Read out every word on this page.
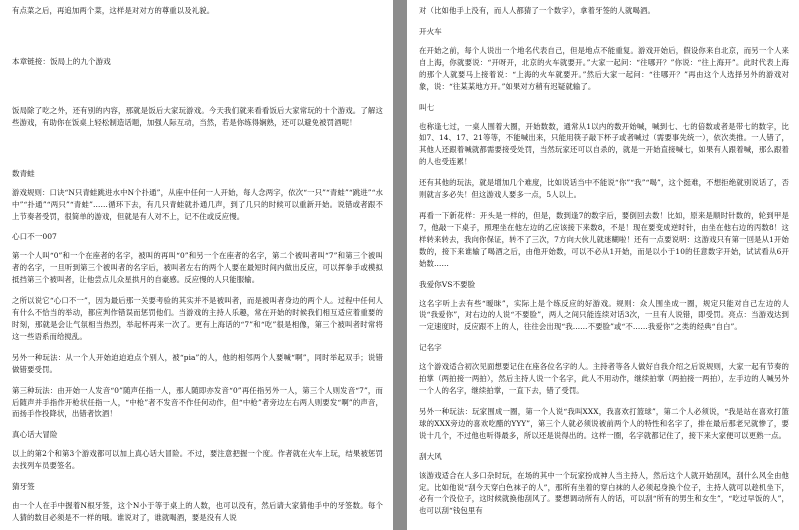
有点菜之后，再追加两个菜，这样是对对方的尊重以及礼貌。

本章链接：饭局上的九个游戏

饭局除了吃之外，还有别的内容，那就是饭后大家玩游戏。今天我们就来看看饭后大家常玩的十个游戏。了解这些游戏，有助你在饭桌上轻松制造话题，加强人际互动，当然，若是你练得娴熟，还可以避免被罚酒呢！

数青蛙

游戏规则：口诀“N只青蛙跳进水中N个扑通”，从座中任何一人开始，每人念两字，依次“一只”“青蛙”“跳进”“水中”“扑通”“两只”“青蛙”……循环下去，有几只青蛙就扑通几声，到了几只的时候可以重新开始。说错或者跟不上节奏者受罚，很简单的游戏，但就是有人对不上，记不住或反应慢。

心口不一007

第一个人叫“0”和一个在座者的名字，被叫的再叫“0”和另一个在座者的名字，第二个被叫者叫“7”和第三个被叫者的名字，一旦听到第三个被叫者的名字后，被叫者左右的两个人要在最短时间内做出反应，可以挥拳手或模拟抵挡第三个被叫者，让他尝点儿众星拱月的自豪感。反应慢的人只能服输。

之所以说它“心口不一”，因为最后那一关要考验的其实并不是被叫者，而是被叫者身边的两个人。过程中任何人有什么不恰当的举动，都应判作错误而惩罚他们。当游戏的主持人乐趣，常在开始的时候我们相互适应着重要的时刻，那就是会让气氛相当热烈，举起杯再来一次了。更有上海话的“7”和“吃”很是相像，第三个被叫者时常将这一些语系而给搅乱。

另外一种玩法：从一个人开始迫迫迫点个别人，被“pia”的人，他的相邻两个人要喊“啊”，同时举起双手；说错做错要受罚。

第三种玩法：由开始一人发音“0”随声任指一人，那人随即亦发音“0”再任指另外一人，第三个人则发音“7”，而后随声并手指作开枪状任指一人，“中枪”者不发音不作任何动作，但“中枪”者旁边左右两人则要发“啊”的声音，而扬手作投降状，出错者饮酒！

真心话大冒险

以上的第2个和第3个游戏都可以加上真心话大冒险。不过，要注意把握一个度。作者就在火车上玩，结果被惩罚去找列车员要签名。

猜牙签

由一个人在手中握着N根牙签，这个N小于等于桌上的人数，也可以没有，然后请大家猜他手中的牙签数。每个人猜的数目必须是不一样的哦。谁说对了，谁就喝酒，要是没有人说

对（比如他手上没有，而人人都猜了一个数字），拿着牙签的人就喝酒。

开火车

在开始之前，每个人说出一个地名代表自己，但是地点不能重复。游戏开始后，假设你来自北京，而另一个人来自上海，你就要说：“开呀开，北京的火车就要开。”大家一起问：“往哪开？”你说：“往上海开”。此时代表上海的那个人就要马上接着说：“上海的火车就要开。”然后大家一起问：“往哪开？”再由这个人选择另外的游戏对象，说：“往某某地方开。”如果对方稍有迟疑就输了。

叫七

也称逢七过，一桌人围着大圈，开始数数，通常从1以内的数开始喊，喊到七、七的倍数或者是带七的数字，比如7、14、17、21等等，不能喊出来，只能用筷子敲下杯子或者喊过（需要事先统一），依次类推。一人错了，其他人还跟着喊就都需要接受处罚，当然玩家还可以自杀的，就是一开始直接喊七，如果有人跟着喊，那么跟着的人也受连累！

还有其他的玩法，就是增加几个难度，比如说话当中不能说“你”“我”“喝”，这个挺难，不想拒绝就别说话了，否则就言多必失！但这游戏人要多一点，5人以上。

再看一下新花样：开头是一样的，但是，数到逢7的数字后，要倒回去数！比如，原来是顺时针数的，轮到甲是7，他敲一下桌子，照理坐在他左边的乙应该接下来数8，不是！现在要变成逆时针，由坐在他右边的丙数8！这样转来转去，我向你保证，转不了三次，7方向大伙儿就迷糊啦！还有一点要说明：这游戏只有第一回是从1开始数的，接下来谁输了喝酒之后，由他开始数，可以不必从1开始，而是以小于10的任意数字开始，试试看从6开始数……

我爱你VS不要脸

这名字听上去有些“暧昧”，实际上是个练反应的好游戏。规则：众人围坐成一圈，规定只能对自己左边的人说“我爱你”，对右边的人说“不要脸”，两人之间只能连续对话3次，一旦有人说错，即受罚。亮点：当游戏达到一定速度时，反应跟不上的人，往往会出现“我……不要脸”或“不……我爱你”之类的经典“自白”。

记名字

这个游戏适合初次见面想要记住在座各位名字的人。主持者等各人做好自我介绍之后说规则，大家一起有节奏的拍掌（两拍接一两拍），然后主持人说一个名字，此人不用动作，继续拍掌（两拍接一两拍），左手边的人喊另外一个人的名字，继续拍掌，一直下去，错了受罚。

另外一种玩法：玩家围成一圈，第一个人说“我叫XXX，我喜欢打篮球”，第二个人必须说，“我是站在喜欢打篮球的XXX旁边的喜欢吃醋的YYY”，第三个人就必须说被前两个人的特性和名字了，排在最后那老兄就惨了，要说十几个，不过他也听得最多，所以还是说得出的。这样一圈，名字就都记住了，接下来大家便可以更熟一点。

刮大风

该游戏适合在人多口杂时玩，在场的其中一个玩家扮成神人当主持人，然后这个人就开始刮风，刮什么风全由他定。比如他说“刮今天穿白色袜子的人”，那所有坐着的穿白袜的人必须起身换个位子，主持人就可以趁机坐下，必有一个没位子，这时候就换他刮风了。要想调动所有人的话，可以刮“所有的男生和女生”，“吃过早饭的人”，也可以刮“钱包里有
